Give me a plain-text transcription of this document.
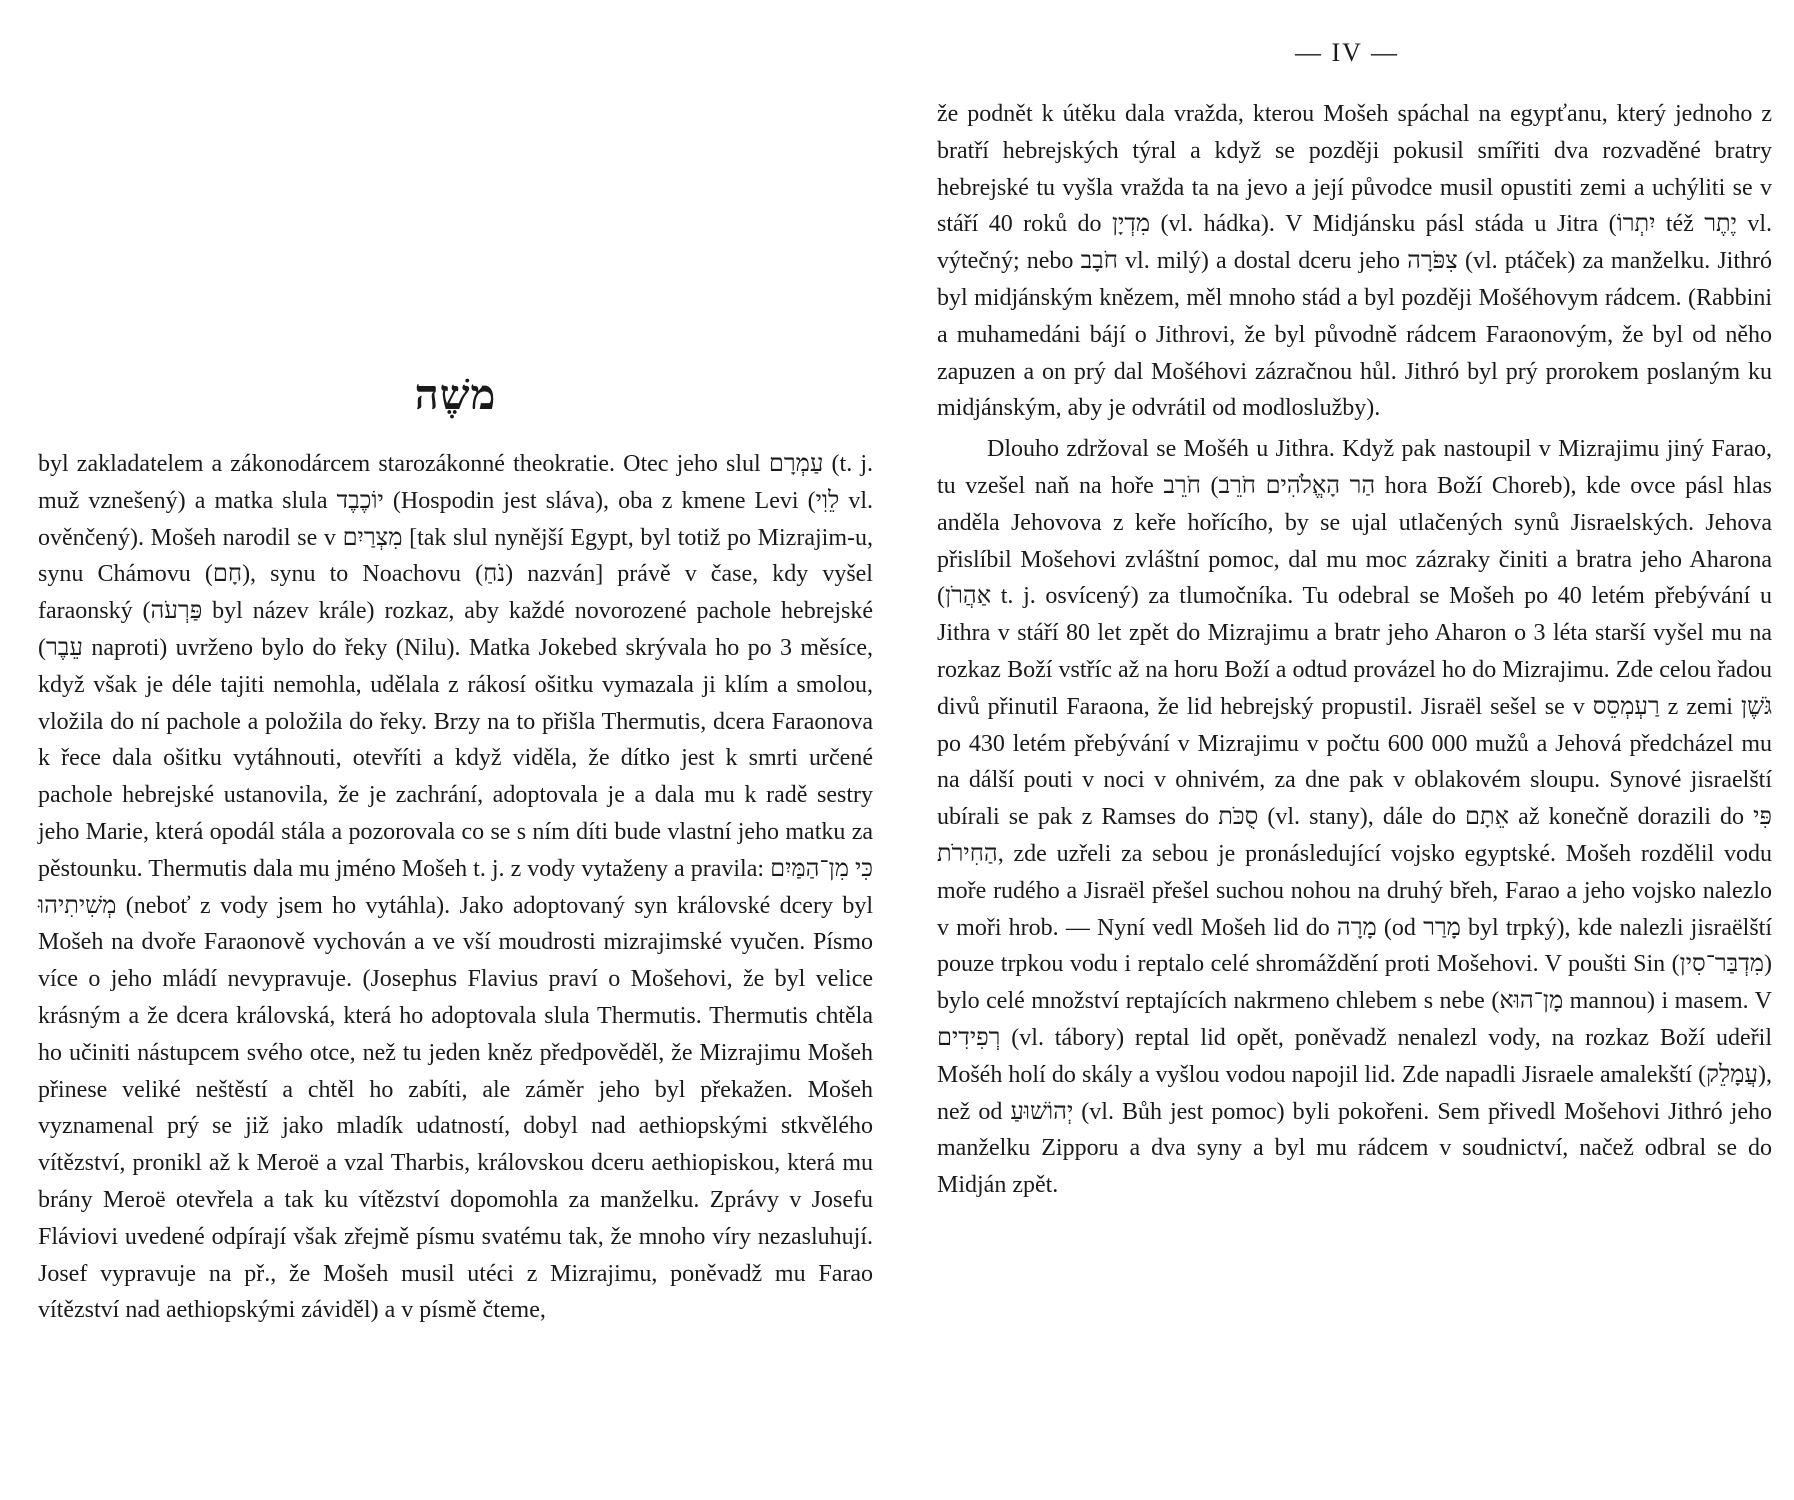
משֶׁה

byl zakladatelem a zákonodárcem starozákonné theokratie. Otec jeho slul עַמְרָם (t. j. muž vznešený) a matka slula יוֹכֶבֶד (Hospodin jest sláva), oba z kmene Levi (לֵוִי vl. ověnčený). Mošeh narodil se v מִצְרַיִם [tak slul nynější Egypt, byl totiž po Mizrajim-u, synu Chámovu (חָם), synu to Noachovu (נֹחַ) nazván] právě v čase, kdy vyšel faraonský (פַּרְעֹה byl název krále) rozkaz, aby každé novorozené pachole hebrejské (עֵבֶר naproti) uvrženo bylo do řeky (Nilu). Matka Jokebed skrývala ho po 3 měsíce, když však je déle tajiti nemohla, udělala z rákosí ošitku vymazala ji klím a smolou, vložila do ní pachole a položila do řeky. Brzy na to přišla Thermutis, dcera Faraonova k řece dala ošitku vytáhnouti, otevříti a když viděla, že dítko jest k smrti určené pachole hebrejské ustanovila, že je zachrání, adoptovala je a dala mu k radě sestry jeho Marie, která opodál stála a pozorovala co se s ním díti bude vlastní jeho matku za pěstounku. Thermutis dala mu jméno Mošeh t. j. z vody vytaženy a pravila: כִּי מִן־הַמַּיִם מְשִׁיתִיהוּ (neboť z vody jsem ho vytáhla). Jako adoptovaný syn královské dcery byl Mošeh na dvoře Faraonově vychován a ve vší moudrosti mizrajimské vyučen. Písmo více o jeho mládí nevypravuje. (Josephus Flavius praví o Mošehovi, že byl velice krásným a že dcera královská, která ho adoptovala slula Thermutis. Thermutis chtěla ho učiniti nástupcem svého otce, než tu jeden kněz předpověděl, že Mizrajimu Mošeh přinese veliké neštěstí a chtěl ho zabíti, ale záměr jeho byl překažen. Mošeh vyznamenal prý se již jako mladík udatností, dobyl nad aethiopskými stkvělého vítězství, pronikl až k Meroë a vzal Tharbis, královskou dceru aethiopiskou, která mu brány Meroë otevřela a tak ku vítězství dopomohla za manželku. Zprávy v Josefu Fláviovi uvedené odpírají však zřejmě písmu svatému tak, že mnoho víry nezasluhují. Josef vypravuje na př., že Mošeh musil utéci z Mizrajimu, poněvadž mu Farao vítězství nad aethiopskými záviděl) a v písmě čteme,

— IV —

že podnět k útěku dala vražda, kterou Mošeh spáchal na egypťanu, který jednoho z bratří hebrejských týral a když se později pokusil smířiti dva rozvaděné bratry hebrejské tu vyšla vražda ta na jevo a její původce musil opustiti zemi a uchýliti se v stáří 40 roků do מִדְיָן (vl. hádka). V Midjánsku pásl stáda u Jitra (יִתְרוֹ též יֶתֶר vl. výtečný; nebo חֹבָב vl. milý) a dostal dceru jeho צִפֹּרָה (vl. ptáček) za manželku. Jithró byl midjánským knězem, měl mnoho stád a byl později Mošéhovym rádcem. (Rabbini a muhamedáni bájí o Jithrovi, že byl původně rádcem Faraonovým, že byl od něho zapuzen a on prý dal Mošéhovi zázračnou hůl. Jithró byl prý prorokem poslaným ku midjánským, aby je odvrátil od modloslužby).

Dlouho zdržoval se Mošéh u Jithra. Když pak nastoupil v Mizrajimu jiný Farao, tu vzešel naň na hoře חֹרֵב (הַר הָאֱלֹהִים חֹרֵב hora Boží Choreb), kde ovce pásl hlas anděla Jehovova z keře hořícího, by se ujal utlačených synů Jisraelských. Jehova přislíbil Mošehovi zvláštní pomoc, dal mu moc zázraky činiti a bratra jeho Aharona (אַהֲרֹן t. j. osvícený) za tlumočníka. Tu odebral se Mošeh po 40 letém přebývání u Jithra v stáří 80 let zpět do Mizrajimu a bratr jeho Aharon o 3 léta starší vyšel mu na rozkaz Boží vstříc až na horu Boží a odtud provázel ho do Mizrajimu. Zde celou řadou divů přinutil Faraona, že lid hebrejský propustil. Jisraël sešel se v רַעְמְסֵס z zemi גֹּשֶׁן po 430 letém přebývání v Mizrajimu v počtu 600 000 mužů a Jehová předcházel mu na dálší pouti v noci v ohnivém, za dne pak v oblakovém sloupu. Synové jisraelští ubírali se pak z Ramses do סֻכֹּת (vl. stany), dále do אֵתָם až konečně dorazili do פִּי הַחִירֹת, zde uzřeli za sebou je pronásledující vojsko egyptské. Mošeh rozdělil vodu moře rudého a Jisraël přešel suchou nohou na druhý břeh, Farao a jeho vojsko nalezlo v moři hrob. — Nyní vedl Mošeh lid do מָרָה (od מָרַר byl trpký), kde nalezli jisraëlští pouze trpkou vodu i reptalo celé shromáždění proti Mošehovi. V poušti Sin (מִדְבַּר־סִין) bylo celé množství reptajících nakrmeno chlebem s nebe (מָן־הוּא mannou) i masem. V רְפִידִים (vl. tábory) reptal lid opět, poněvadž nenalezl vody, na rozkaz Boží udeřil Mošéh holí do skály a vyšlou vodou napojil lid. Zde napadli Jisraele amalekští (עֲמָלֵק), než od יְהוֹשׁוּעַ (vl. Bůh jest pomoc) byli pokořeni. Sem přivedl Mošehovi Jithró jeho manželku Zipporu a dva syny a byl mu rádcem v soudnictví, načež odbral se do Midján zpět.
